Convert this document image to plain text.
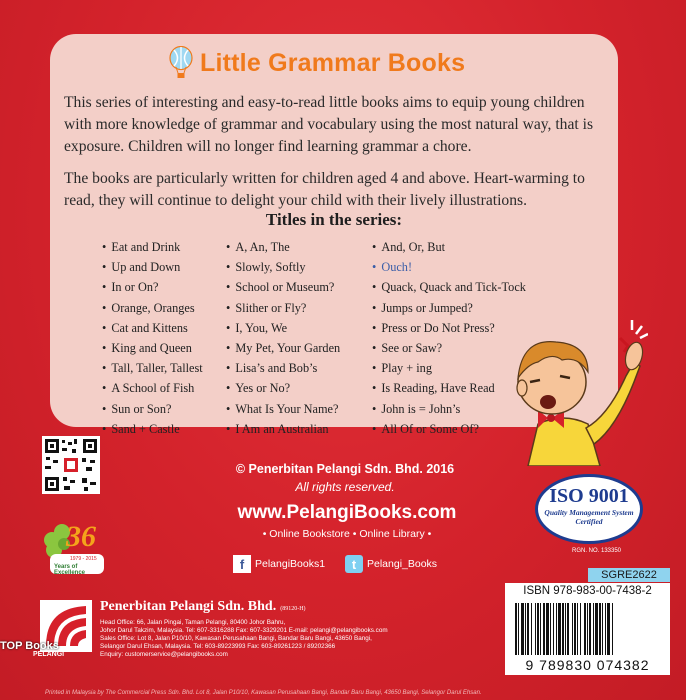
Little Grammar Books

This series of interesting and easy-to-read little books aims to equip young children with more knowledge of grammar and vocabulary using the most natural way, that is exposure. Children will no longer find learning grammar a chore.

The books are particularly written for children aged 4 and above. Heart-warming to read, they will continue to delight your child with their lively illustrations.

Titles in the series:
• Eat and Drink
• Up and Down
• In or On?
• Orange, Oranges
• Cat and Kittens
• King and Queen
• Tall, Taller, Tallest
• A School of Fish
• Sun or Son?
• Sand + Castle
• A, An, The
• Slowly, Softly
• School or Museum?
• Slither or Fly?
• I, You, We
• My Pet, Your Garden
• Lisa’s and Bob’s
• Yes or No?
• What Is Your Name?
• I Am an Australian
• And, Or, But
• Ouch!
• Quack, Quack and Tick-Tock
• Jumps or Jumped?
• Press or Do Not Press?
• See or Saw?
• Play + ing
• Is Reading, Have Read
• John is = John’s
• All Of or Some Of?
© Penerbitan Pelangi Sdn. Bhd. 2016
All rights reserved.
www.PelangiBooks.com
• Online Bookstore • Online Library •
f	PelangiBooks1	t	Pelangi_Books
36
1979 - 2015
Years of Excellence
ISO 9001
Quality Management System Certified
RGN. NO. 133350
SGRE2622
ISBN 978-983-00-7438-2
9 789830 074382
PELANGI
Penerbitan Pelangi Sdn. Bhd. (89120-H)
Head Office: 66, Jalan Pingai, Taman Pelangi, 80400 Johor Bahru,
Johor Darul Takzim, Malaysia. Tel: 607-3316288 Fax: 607-3329201 E-mail: pelangi@pelangibooks.com
Sales Office: Lot 8, Jalan P10/10, Kawasan Perusahaan Bangi, Bandar Baru Bangi, 43650 Bangi,
Selangor Darul Ehsan, Malaysia. Tel: 603-89223993 Fax: 603-89261223 / 89202366
Enquiry: customerservice@pelangibooks.com
Printed in Malaysia by The Commercial Press Sdn. Bhd. Lot 8, Jalan P10/10, Kawasan Perusahaan Bangi, Bandar Baru Bangi, 43650 Bangi, Selangor Darul Ehsan.
TOP Books
